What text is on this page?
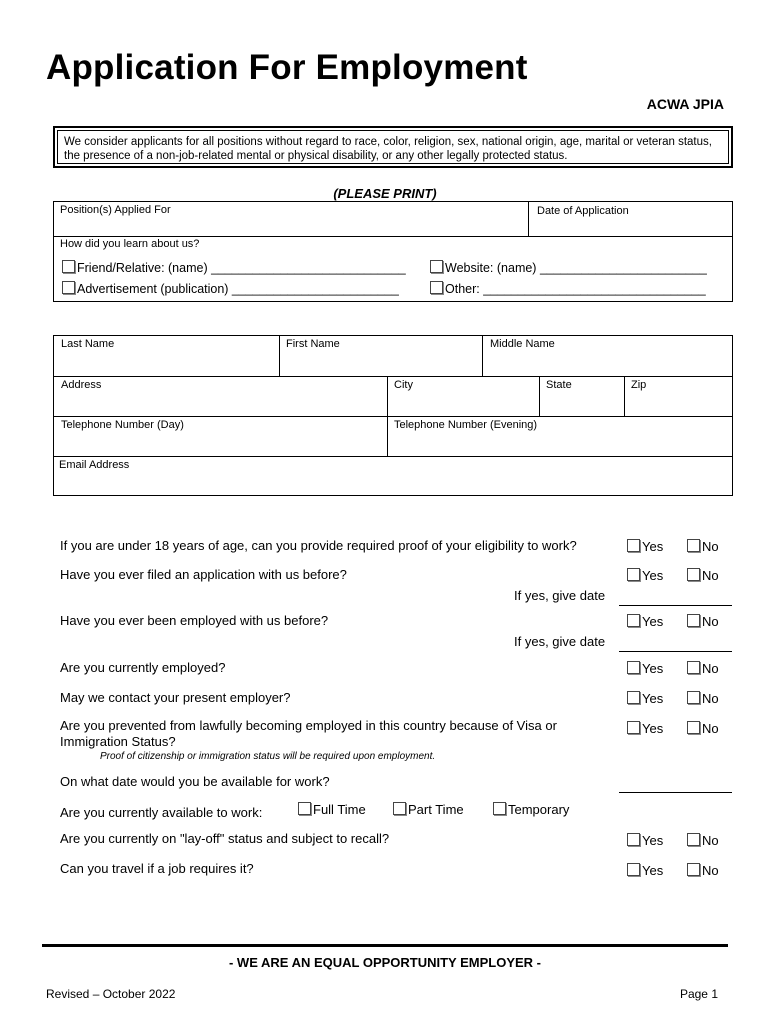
Application For Employment
ACWA JPIA
We consider applicants for all positions without regard to race, color, religion, sex, national origin, age, marital or veteran status, the presence of a non-job-related mental or physical disability, or any other legally protected status.
(PLEASE PRINT)
Position(s) Applied For	Date of Application
How did you learn about us?
Friend/Relative: (name) ____________________________	Website: (name) ________________________
Advertisement (publication) ________________________	Other: ________________________________
Last Name	First Name	Middle Name
Address	City	State	Zip
Telephone Number (Day)	Telephone Number (Evening)
Email Address
If you are under 18 years of age, can you provide required proof of your eligibility to work?	Yes	No
Have you ever filed an application with us before?	Yes	No
If yes, give date
Have you ever been employed with us before?	Yes	No
If yes, give date
Are you currently employed?	Yes	No
May we contact your present employer?	Yes	No
Are you prevented from lawfully becoming employed in this country because of Visa or
Immigration Status?
Proof of citizenship or immigration status will be required upon employment.
Yes	No
On what date would you be available for work?
Are you currently available to work:	Full Time	Part Time	Temporary
Are you currently on "lay-off" status and subject to recall?	Yes	No
Can you travel if a job requires it?	Yes	No
- WE ARE AN EQUAL OPPORTUNITY EMPLOYER -
Revised – October 2022	Page 1
